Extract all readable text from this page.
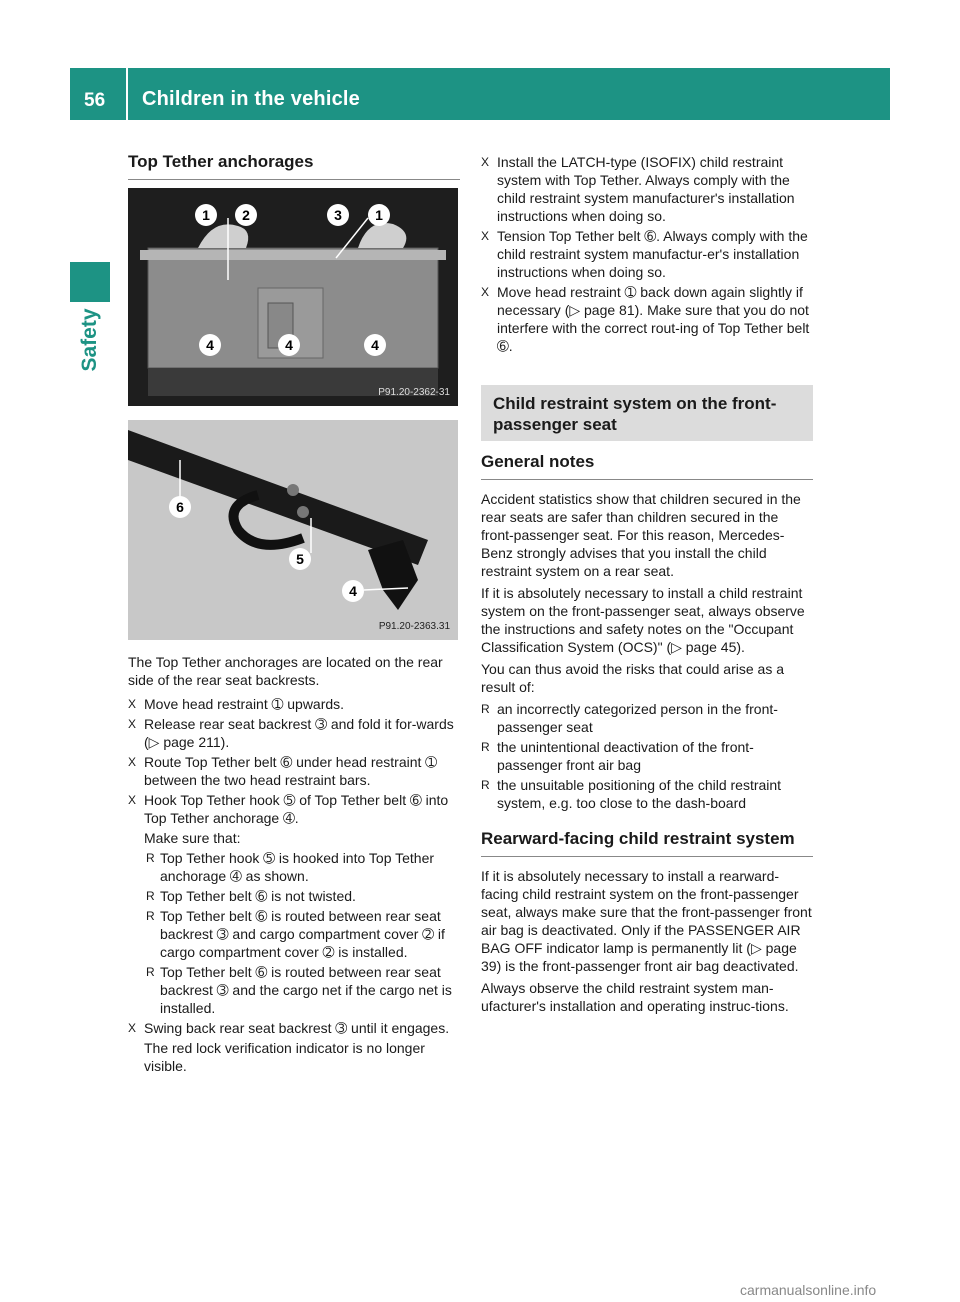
56 Children in the vehicle
Safety
Top Tether anchorages
1	2	3	1
4	4	4
P91.20-2362-31
6
5
4
P91.20-2363.31

The Top Tether anchorages are located on the rear side of the rear seat backrests.

X Move head restraint ➀ upwards.
X Release rear seat backrest ➂ and fold it for-wards (▷ page 211).
X Route Top Tether belt ➅ under head restraint ➀ between the two head restraint bars.
X Hook Top Tether hook ➄ of Top Tether belt ➅ into Top Tether anchorage ➃.
Make sure that:
R Top Tether hook ➄ is hooked into Top Tether anchorage ➃ as shown.
R Top Tether belt ➅ is not twisted.
R Top Tether belt ➅ is routed between rear seat backrest ➂ and cargo compartment cover ➁ if cargo compartment cover ➁ is installed.
R Top Tether belt ➅ is routed between rear seat backrest ➂ and the cargo net if the cargo net is installed.
X Swing back rear seat backrest ➂ until it engages.
The red lock verification indicator is no longer visible.
X Install the LATCH-type (ISOFIX) child restraint system with Top Tether. Always comply with the child restraint system manufacturer's installation instructions when doing so.
X Tension Top Tether belt ➅. Always comply with the child restraint system manufactur-er's installation instructions when doing so.
X Move head restraint ➀ back down again slightly if necessary (▷ page 81). Make sure that you do not interfere with the correct rout-ing of Top Tether belt ➅.
Child restraint system on the front-passenger seat
General notes

Accident statistics show that children secured in the rear seats are safer than children secured in the front-passenger seat. For this reason, Mercedes-Benz strongly advises that you install the child restraint system on a rear seat.

If it is absolutely necessary to install a child restraint system on the front-passenger seat, always observe the instructions and safety notes on the "Occupant Classification System (OCS)" (▷ page 45).

You can thus avoid the risks that could arise as a result of:

R an incorrectly categorized person in the front-passenger seat
R the unintentional deactivation of the front-passenger front air bag
R the unsuitable positioning of the child restraint system, e.g. too close to the dash-board
Rearward-facing child restraint system

If it is absolutely necessary to install a rearward-facing child restraint system on the front-passenger seat, always make sure that the front-passenger front air bag is deactivated. Only if the PASSENGER AIR BAG OFF indicator lamp is permanently lit (▷ page 39) is the front-passenger front air bag deactivated.

Always observe the child restraint system man-ufacturer's installation and operating instruc-tions.

carmanualsonline.info
